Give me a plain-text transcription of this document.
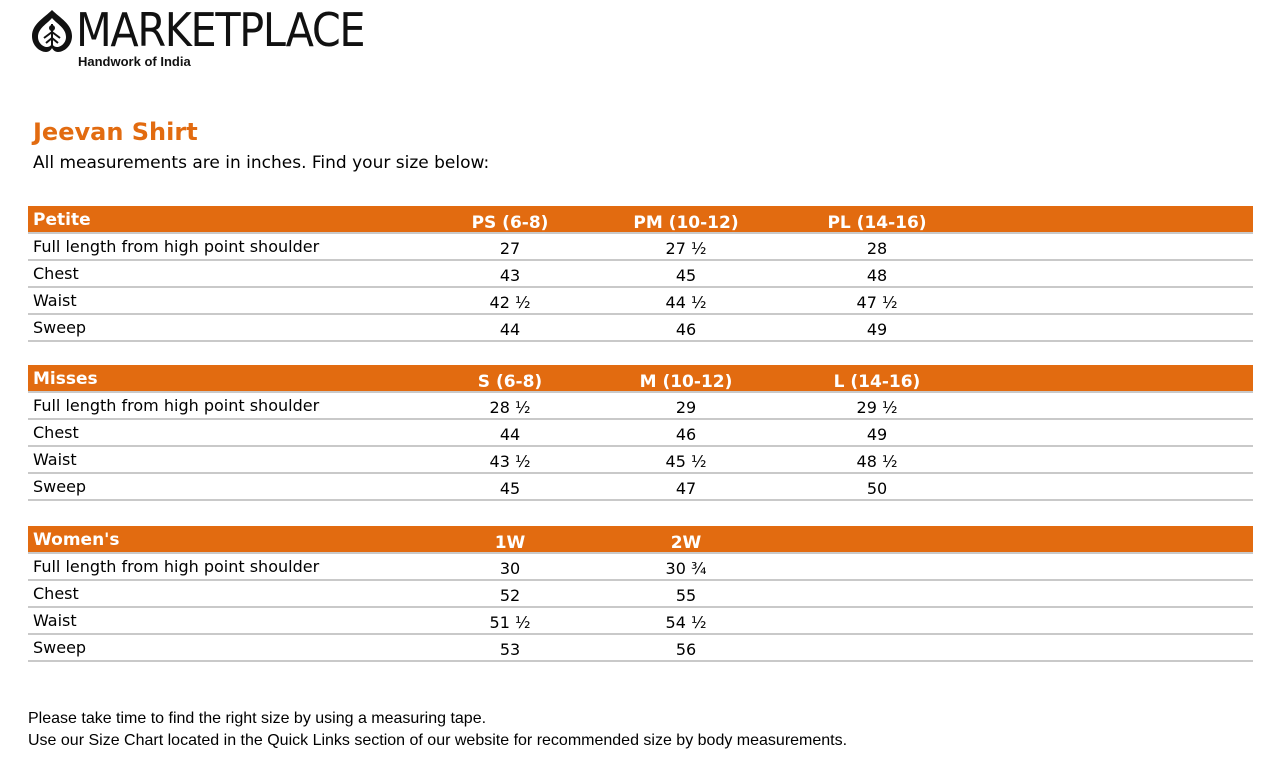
MARKETPLACE
Handwork of India
Jeevan Shirt
All measurements are in inches. Find your size below:
Petite	PS (6-8)	PM (10-12)	PL (14-16)
Full length from high point shoulder	27	27 ½	28
Chest	43	45	48
Waist	42 ½	44 ½	47 ½
Sweep	44	46	49
Misses	S (6-8)	M (10-12)	L (14-16)
Full length from high point shoulder	28 ½	29	29 ½
Chest	44	46	49
Waist	43 ½	45 ½	48 ½
Sweep	45	47	50
Women's	1W	2W
Full length from high point shoulder	30	30 ¾
Chest	52	55
Waist	51 ½	54 ½
Sweep	53	56
Please take time to find the right size by using a measuring tape.
Use our Size Chart located in the Quick Links section of our website for recommended size by body measurements.
